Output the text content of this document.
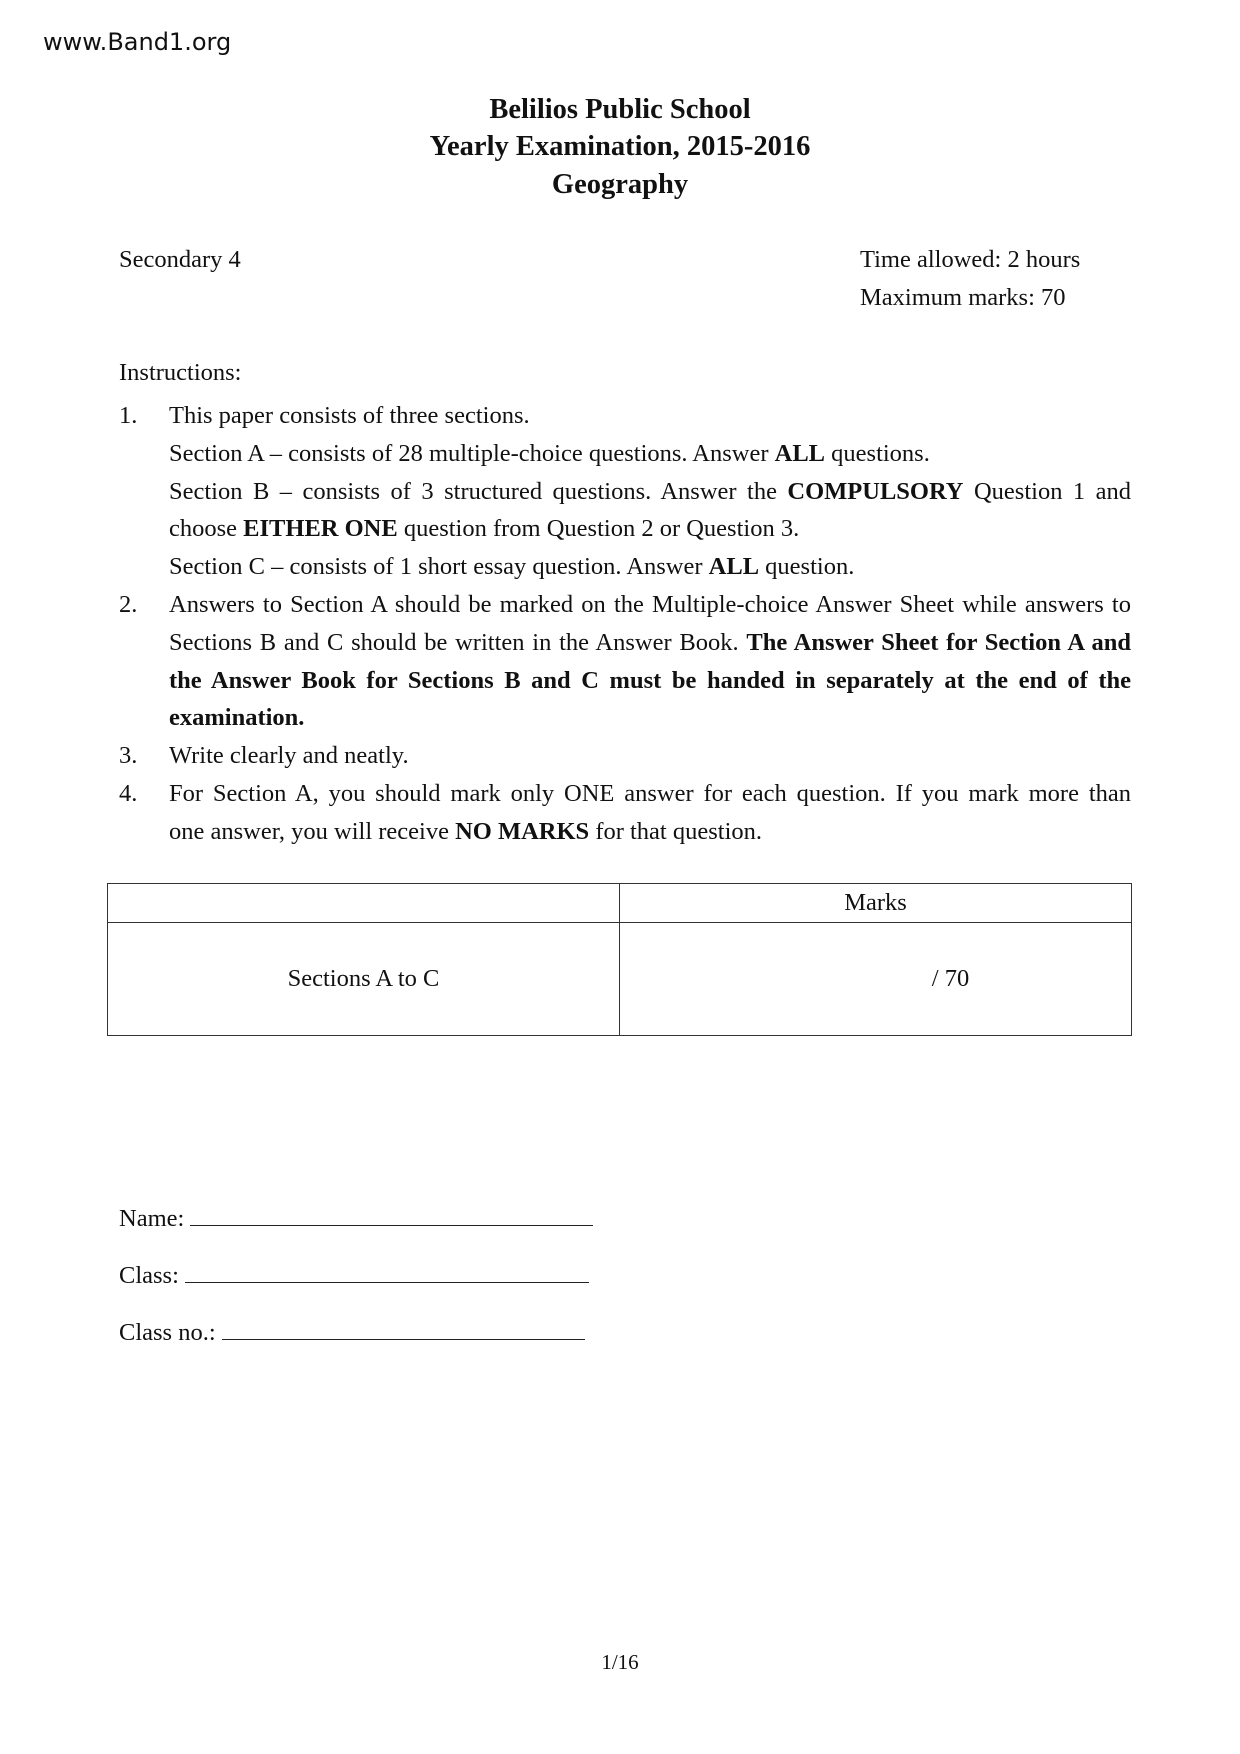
www.Band1.org
Belilios Public School
Yearly Examination, 2015-2016
Geography
Secondary 4	Time allowed: 2 hours
Maximum marks: 70
Instructions:
1.	This paper consists of three sections.
Section A – consists of 28 multiple-choice questions. Answer ALL questions.
Section B – consists of 3 structured questions. Answer the COMPULSORY Question 1 and
choose EITHER ONE question from Question 2 or Question 3.
Section C – consists of 1 short essay question. Answer ALL question.
2.	Answers to Section A should be marked on the Multiple-choice Answer Sheet while answers to
Sections B and C should be written in the Answer Book. The Answer Sheet for Section A and
the Answer Book for Sections B and C must be handed in separately at the end of the
examination.
3.	Write clearly and neatly.
4.	For Section A, you should mark only ONE answer for each question. If you mark more than
one answer, you will receive NO MARKS for that question.
	Marks
Sections A to C	/ 70
Name:
Class:
Class no.:
1/16
